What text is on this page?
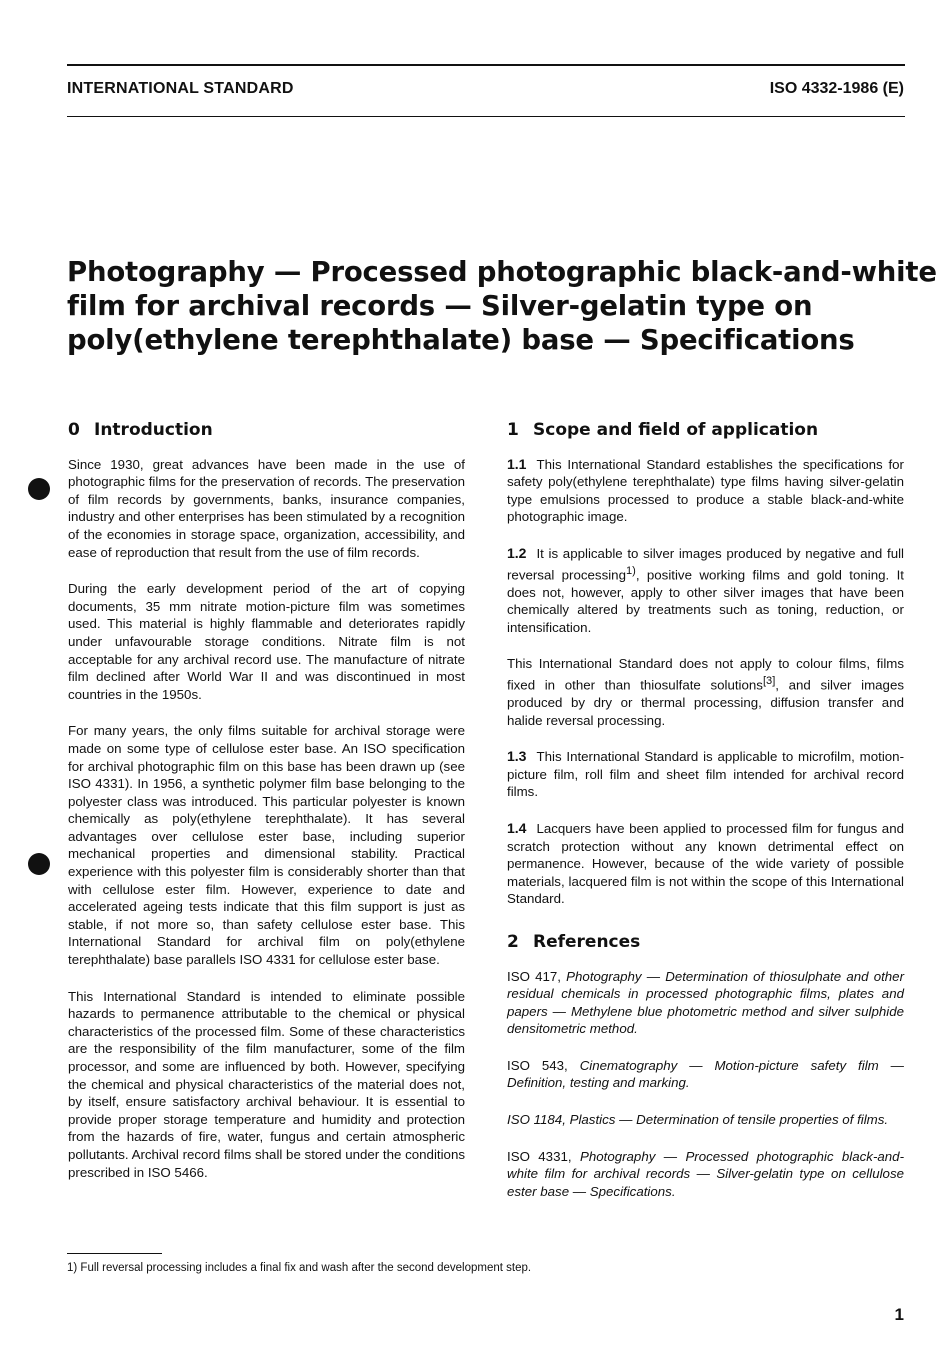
INTERNATIONAL STANDARD	ISO 4332-1986 (E)
Photography — Processed photographic black-and-white
film for archival records — Silver-gelatin type on
poly(ethylene terephthalate) base — Specifications
0 Introduction

Since 1930, great advances have been made in the use of photographic films for the preservation of records. The preservation of film records by governments, banks, insurance companies, industry and other enterprises has been stimulated by a recognition of the economies in storage space, organization, accessibility, and ease of reproduction that result from the use of film records.

During the early development period of the art of copying documents, 35 mm nitrate motion-picture film was sometimes used. This material is highly flammable and deteriorates rapidly under unfavourable storage conditions. Nitrate film is not acceptable for any archival record use. The manufacture of nitrate film declined after World War II and was discontinued in most countries in the 1950s.

For many years, the only films suitable for archival storage were made on some type of cellulose ester base. An ISO specification for archival photographic film on this base has been drawn up (see ISO 4331). In 1956, a synthetic polymer film base belonging to the polyester class was introduced. This particular polyester is known chemically as poly(ethylene terephthalate). It has several advantages over cellulose ester base, including superior mechanical properties and dimensional stability. Practical experience with this polyester film is considerably shorter than that with cellulose ester film. However, experience to date and accelerated ageing tests indicate that this film support is just as stable, if not more so, than safety cellulose ester base. This International Standard for archival film on poly(ethylene terephthalate) base parallels ISO 4331 for cellulose ester base.

This International Standard is intended to eliminate possible hazards to permanence attributable to the chemical or physical characteristics of the processed film. Some of these characteristics are the responsibility of the film manufacturer, some of the film processor, and some are influenced by both. However, specifying the chemical and physical characteristics of the material does not, by itself, ensure satisfactory archival behaviour. It is essential to provide proper storage temperature and humidity and protection from the hazards of fire, water, fungus and certain atmospheric pollutants. Archival record films shall be stored under the conditions prescribed in ISO 5466.

1 Scope and field of application

1.1 This International Standard establishes the specifications for safety poly(ethylene terephthalate) type films having silver-gelatin type emulsions processed to produce a stable black-and-white photographic image.

1.2 It is applicable to silver images produced by negative and full reversal processing$^{1)}$, positive working films and gold toning. It does not, however, apply to other silver images that have been chemically altered by treatments such as toning, reduction, or intensification.

This International Standard does not apply to colour films, films fixed in other than thiosulfate solutions[3], and silver images produced by dry or thermal processing, diffusion transfer and halide reversal processing.

1.3 This International Standard is applicable to microfilm, motion-picture film, roll film and sheet film intended for archival record films.

1.4 Lacquers have been applied to processed film for fungus and scratch protection without any known detrimental effect on permanence. However, because of the wide variety of possible materials, lacquered film is not within the scope of this International Standard.

2 References

ISO 417, Photography — Determination of thiosulphate and other residual chemicals in processed photographic films, plates and papers — Methylene blue photometric method and silver sulphide densitometric method.

ISO 543, Cinematography — Motion-picture safety film — Definition, testing and marking.

ISO 1184, Plastics — Determination of tensile properties of films.

ISO 4331, Photography — Processed photographic black-and-white film for archival records — Silver-gelatin type on cellulose ester base — Specifications.

1) Full reversal processing includes a final fix and wash after the second development step.
1
